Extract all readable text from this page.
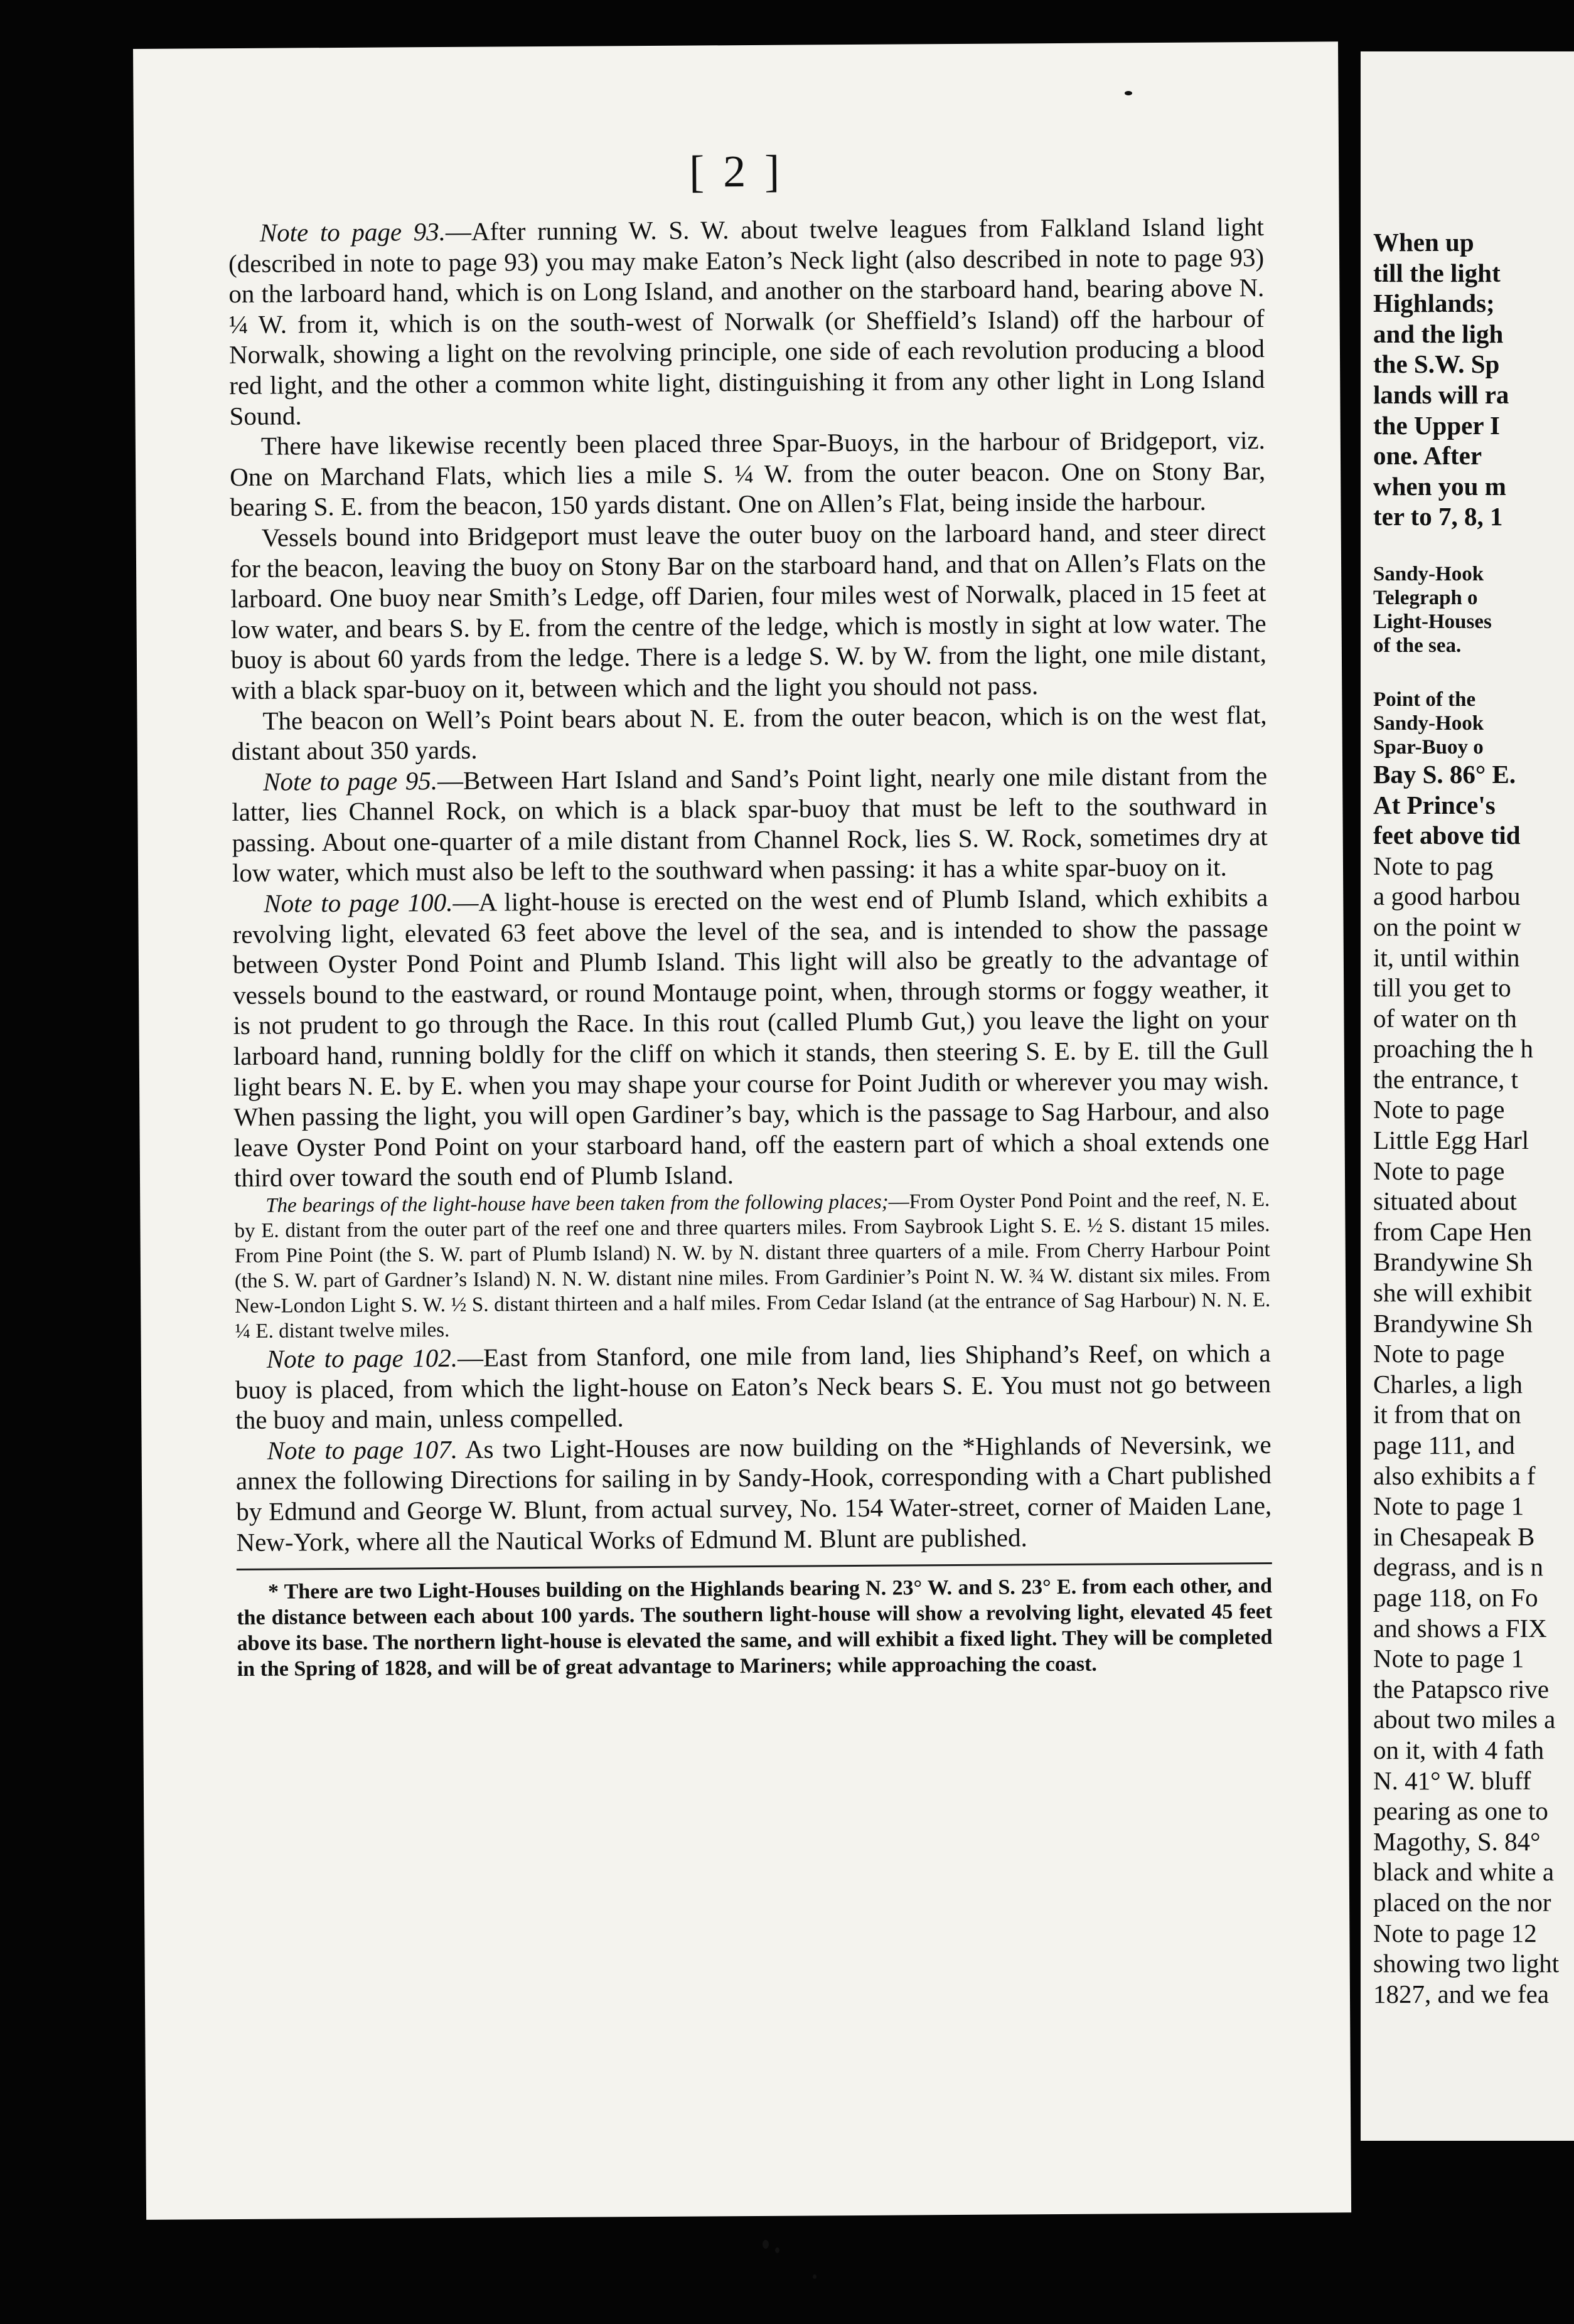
[ 2 ]

Note to page 93.—After running W. S. W. about twelve leagues from Falkland Island light (described in note to page 93) you may make Eaton’s Neck light (also described in note to page 93) on the larboard hand, which is on Long Island, and another on the starboard hand, bearing above N. ¼ W. from it, which is on the south-west of Norwalk (or Sheffield’s Island) off the harbour of Norwalk, showing a light on the revolving principle, one side of each revolution producing a blood red light, and the other a common white light, distinguishing it from any other light in Long Island Sound.

There have likewise recently been placed three Spar-Buoys, in the harbour of Bridgeport, viz. One on Marchand Flats, which lies a mile S. ¼ W. from the outer beacon. One on Stony Bar, bearing S. E. from the beacon, 150 yards distant. One on Allen’s Flat, being inside the harbour.

Vessels bound into Bridgeport must leave the outer buoy on the larboard hand, and steer direct for the beacon, leaving the buoy on Stony Bar on the starboard hand, and that on Allen’s Flats on the larboard. One buoy near Smith’s Ledge, off Darien, four miles west of Norwalk, placed in 15 feet at low water, and bears S. by E. from the centre of the ledge, which is mostly in sight at low water. The buoy is about 60 yards from the ledge. There is a ledge S. W. by W. from the light, one mile distant, with a black spar-buoy on it, between which and the light you should not pass.

The beacon on Well’s Point bears about N. E. from the outer beacon, which is on the west flat, distant about 350 yards.

Note to page 95.—Between Hart Island and Sand’s Point light, nearly one mile distant from the latter, lies Channel Rock, on which is a black spar-buoy that must be left to the southward in passing. About one-quarter of a mile distant from Channel Rock, lies S. W. Rock, sometimes dry at low water, which must also be left to the southward when passing: it has a white spar-buoy on it.

Note to page 100.—A light-house is erected on the west end of Plumb Island, which exhibits a revolving light, elevated 63 feet above the level of the sea, and is intended to show the passage between Oyster Pond Point and Plumb Island. This light will also be greatly to the advantage of vessels bound to the eastward, or round Montauge point, when, through storms or foggy weather, it is not prudent to go through the Race. In this rout (called Plumb Gut,) you leave the light on your larboard hand, running boldly for the cliff on which it stands, then steering S. E. by E. till the Gull light bears N. E. by E. when you may shape your course for Point Judith or wherever you may wish. When passing the light, you will open Gardiner’s bay, which is the passage to Sag Harbour, and also leave Oyster Pond Point on your starboard hand, off the eastern part of which a shoal extends one third over toward the south end of Plumb Island.

The bearings of the light-house have been taken from the following places;—From Oyster Pond Point and the reef, N. E. by E. distant from the outer part of the reef one and three quarters miles. From Saybrook Light S. E. ½ S. distant 15 miles. From Pine Point (the S. W. part of Plumb Island) N. W. by N. distant three quarters of a mile. From Cherry Harbour Point (the S. W. part of Gardner’s Island) N. N. W. distant nine miles. From Gardinier’s Point N. W. ¾ W. distant six miles. From New-London Light S. W. ½ S. distant thirteen and a half miles. From Cedar Island (at the entrance of Sag Harbour) N. N. E. ¼ E. distant twelve miles.

Note to page 102.—East from Stanford, one mile from land, lies Shiphand’s Reef, on which a buoy is placed, from which the light-house on Eaton’s Neck bears S. E. You must not go between the buoy and main, unless compelled.

Note to page 107. As two Light-Houses are now building on the *Highlands of Neversink, we annex the following Directions for sailing in by Sandy-Hook, corresponding with a Chart published by Edmund and George W. Blunt, from actual survey, No. 154 Water-street, corner of Maiden Lane, New-York, where all the Nautical Works of Edmund M. Blunt are published.

* There are two Light-Houses building on the Highlands bearing N. 23° W. and S. 23° E. from each other, and the distance between each about 100 yards. The southern light-house will show a revolving light, elevated 45 feet above its base. The northern light-house is elevated the same, and will exhibit a fixed light. They will be completed in the Spring of 1828, and will be of great advantage to Mariners; while approaching the coast.

When up
till the light
Highlands;
and the ligh
the S.W. Sp
lands will ra
the Upper I
one. After
when you m
ter to 7, 8, 1
Sandy-Hook
Telegraph o
Light-Houses
of the sea.
Point of the
Sandy-Hook
Spar-Buoy o
Bay S. 86° E.
At Prince's
feet above tid
Note to pag
a good harbou
on the point w
it, until within
till you get to
of water on th
proaching the h
the entrance, t
Note to page
Little Egg Harl
Note to page
situated about
from Cape Hen
Brandywine Sh
she will exhibit
Brandywine Sh
Note to page
Charles, a ligh
it from that on
page 111, and
also exhibits a f
Note to page 1
in Chesapeak B
degrass, and is n
page 118, on Fo
and shows a FIX
Note to page 1
the Patapsco rive
about two miles a
on it, with 4 fath
N. 41° W. bluff
pearing as one to
Magothy, S. 84°
black and white a
placed on the nor
Note to page 12
showing two light
1827, and we fea
